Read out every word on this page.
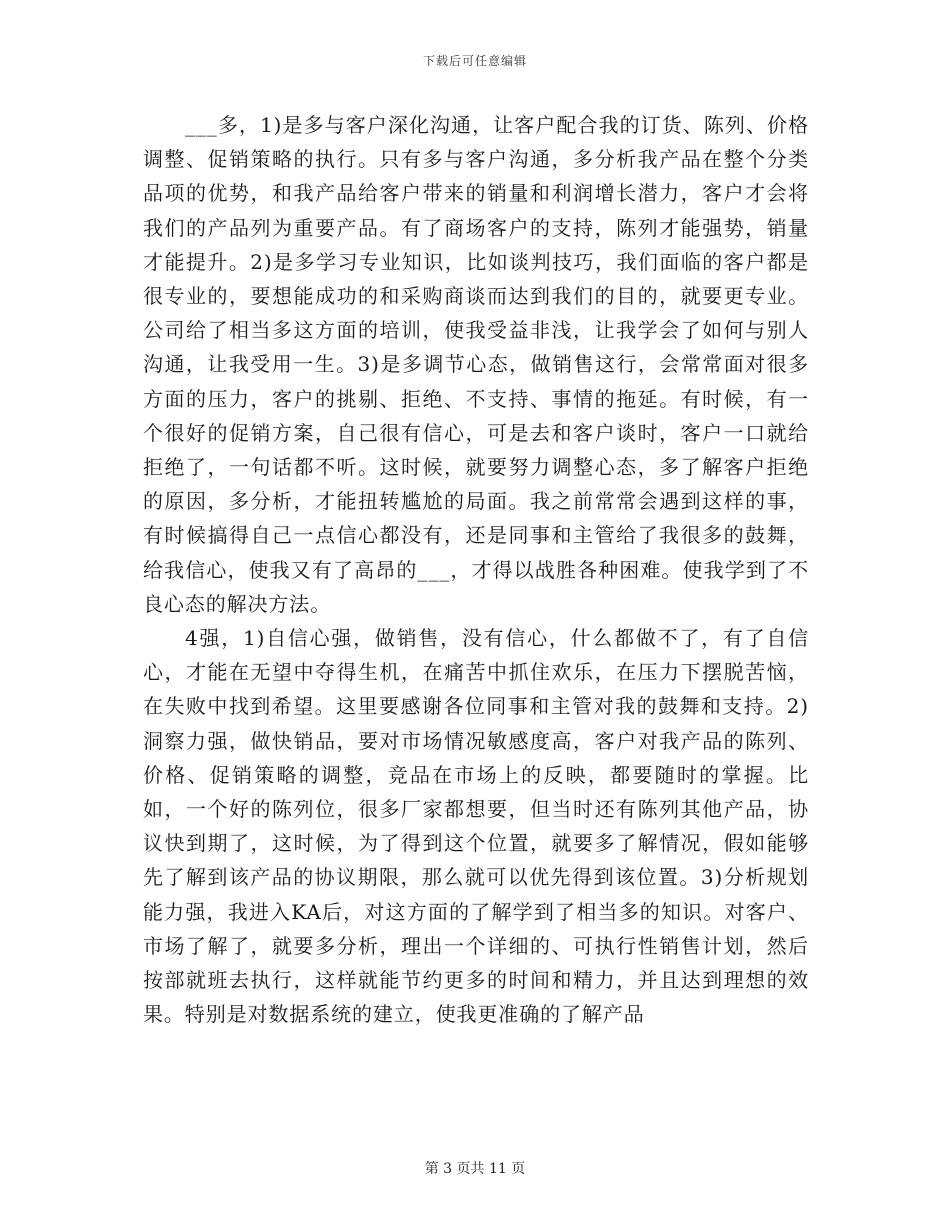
下载后可任意编辑

___多，1)是多与客户深化沟通，让客户配合我的订货、陈列、价格调整、促销策略的执行。只有多与客户沟通，多分析我产品在整个分类品项的优势，和我产品给客户带来的销量和利润增长潜力，客户才会将我们的产品列为重要产品。有了商场客户的支持，陈列才能强势，销量才能提升。2)是多学习专业知识，比如谈判技巧，我们面临的客户都是很专业的，要想能成功的和采购商谈而达到我们的目的，就要更专业。公司给了相当多这方面的培训，使我受益非浅，让我学会了如何与别人沟通，让我受用一生。3)是多调节心态，做销售这行，会常常面对很多方面的压力，客户的挑剔、拒绝、不支持、事情的拖延。有时候，有一个很好的促销方案，自己很有信心，可是去和客户谈时，客户一口就给拒绝了，一句话都不听。这时候，就要努力调整心态，多了解客户拒绝的原因，多分析，才能扭转尴尬的局面。我之前常常会遇到这样的事，有时候搞得自己一点信心都没有，还是同事和主管给了我很多的鼓舞，给我信心，使我又有了高昂的___，才得以战胜各种困难。使我学到了不良心态的解决方法。

4强，1)自信心强，做销售，没有信心，什么都做不了，有了自信心，才能在无望中夺得生机，在痛苦中抓住欢乐，在压力下摆脱苦恼，在失败中找到希望。这里要感谢各位同事和主管对我的鼓舞和支持。2)洞察力强，做快销品，要对市场情况敏感度高，客户对我产品的陈列、价格、促销策略的调整，竞品在市场上的反映，都要随时的掌握。比如，一个好的陈列位，很多厂家都想要，但当时还有陈列其他产品，协议快到期了，这时候，为了得到这个位置，就要多了解情况，假如能够先了解到该产品的协议期限，那么就可以优先得到该位置。3)分析规划能力强，我进入KA后，对这方面的了解学到了相当多的知识。对客户、市场了解了，就要多分析，理出一个详细的、可执行性销售计划，然后按部就班去执行，这样就能节约更多的时间和精力，并且达到理想的效果。特别是对数据系统的建立，使我更准确的了解产品

第 3 页共 11 页
